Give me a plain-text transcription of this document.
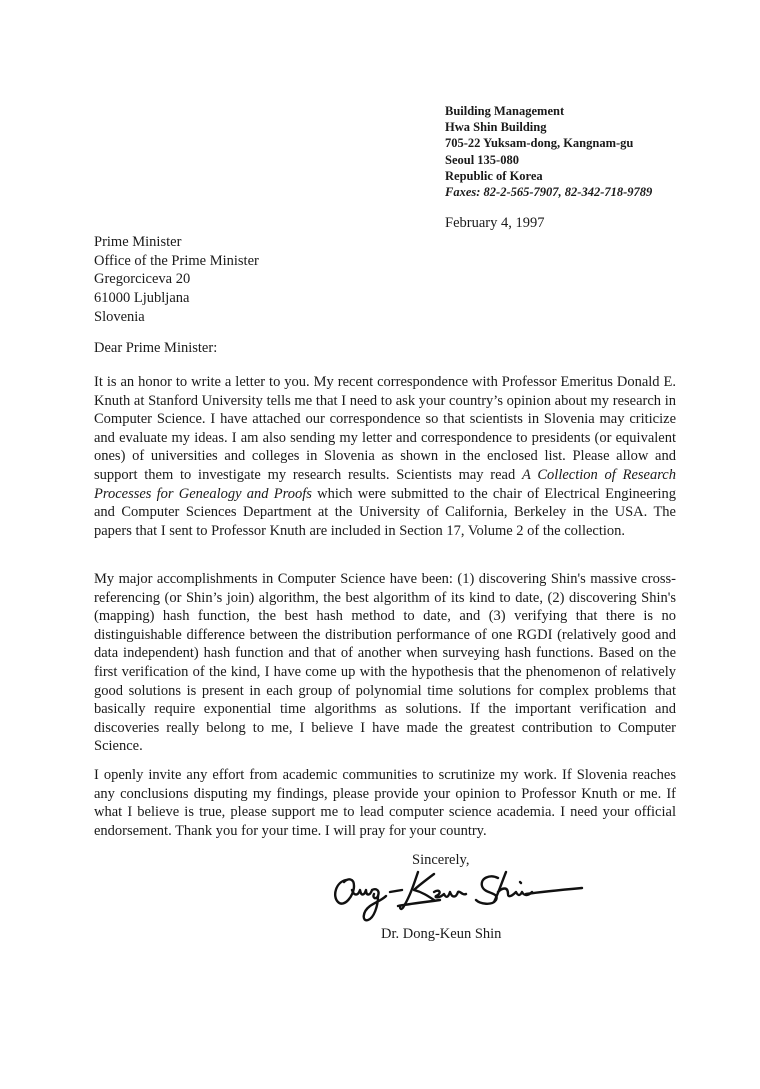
Building Management
Hwa Shin Building
705-22 Yuksam-dong, Kangnam-gu
Seoul 135-080
Republic of Korea
Faxes: 82-2-565-7907, 82-342-718-9789
February 4, 1997
Prime Minister
Office of the Prime Minister
Gregorciceva 20
61000 Ljubljana
Slovenia
Dear Prime Minister:

It is an honor to write a letter to you. My recent correspondence with Professor Emeritus Donald E. Knuth at Stanford University tells me that I need to ask your country’s opinion about my research in Computer Science. I have attached our correspondence so that scientists in Slovenia may criticize and evaluate my ideas. I am also sending my letter and correspondence to presidents (or equivalent ones) of universities and colleges in Slovenia as shown in the enclosed list. Please allow and support them to investigate my research results. Scientists may read A Collection of Research Processes for Genealogy and Proofs which were submitted to the chair of Electrical Engineering and Computer Sciences Department at the University of California, Berkeley in the USA. The papers that I sent to Professor Knuth are included in Section 17, Volume 2 of the collection.

My major accomplishments in Computer Science have been: (1) discovering Shin's massive cross-referencing (or Shin’s join) algorithm, the best algorithm of its kind to date, (2) discovering Shin's (mapping) hash function, the best hash method to date, and (3) verifying that there is no distinguishable difference between the distribution performance of one RGDI (relatively good and data independent) hash function and that of another when surveying hash functions. Based on the first verification of the kind, I have come up with the hypothesis that the phenomenon of relatively good solutions is present in each group of polynomial time solutions for complex problems that basically require exponential time algorithms as solutions. If the important verification and discoveries really belong to me, I believe I have made the greatest contribution to Computer Science.

I openly invite any effort from academic communities to scrutinize my work. If Slovenia reaches any conclusions disputing my findings, please provide your opinion to Professor Knuth or me. If what I believe is true, please support me to lead computer science academia. I need your official endorsement. Thank you for your time. I will pray for your country.

Sincerely,
Dr. Dong-Keun Shin
